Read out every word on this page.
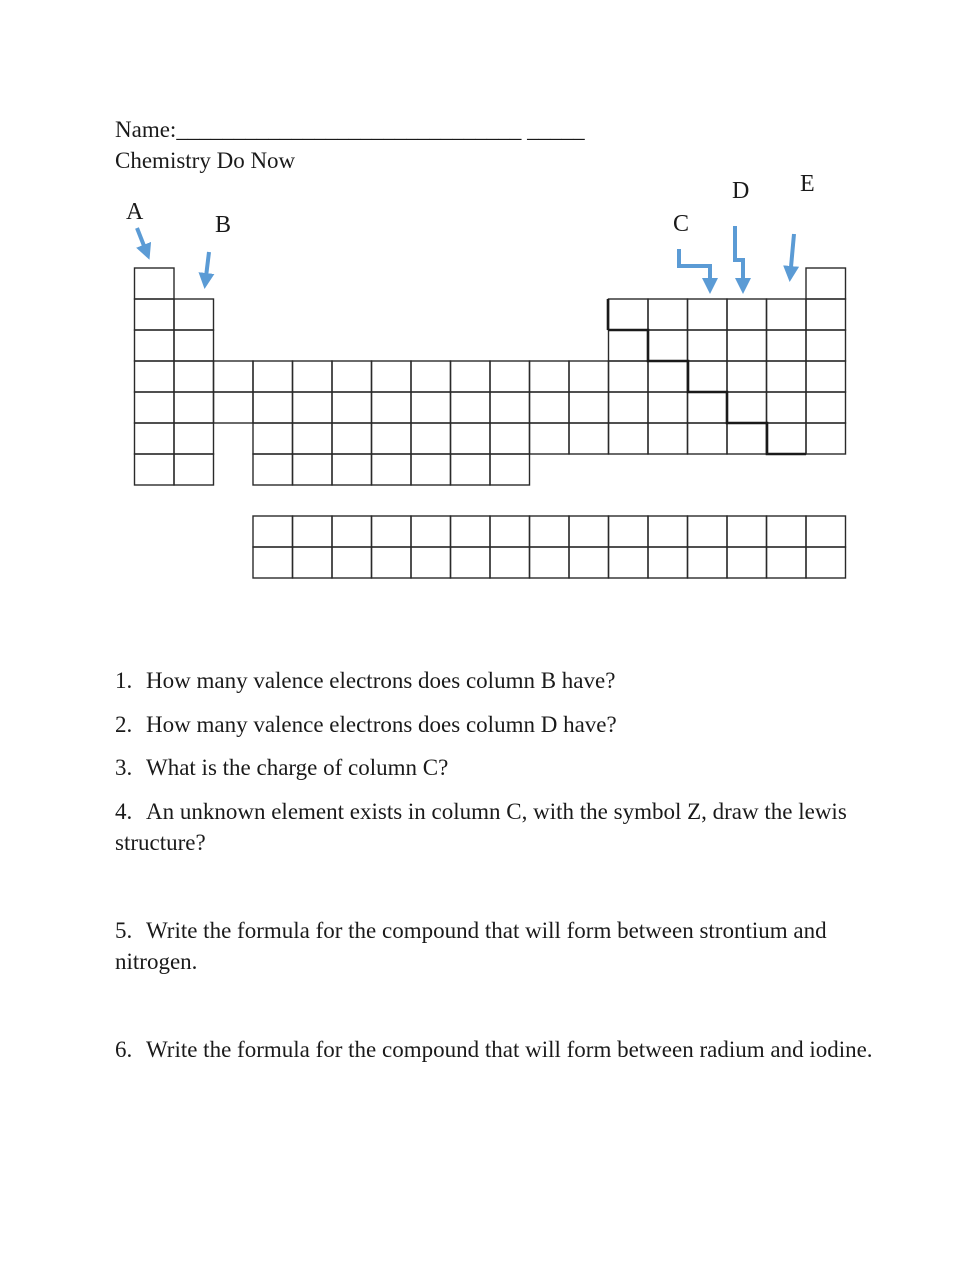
Name:______________________________ _____
Chemistry Do Now
A	B	C
D E

1. How many valence electrons does column B have?

2. How many valence electrons does column D have?

3. What is the charge of column C?

4. An unknown element exists in column C, with the symbol Z, draw the lewis structure?

5. Write the formula for the compound that will form between strontium and nitrogen.

6. Write the formula for the compound that will form between radium and iodine.
